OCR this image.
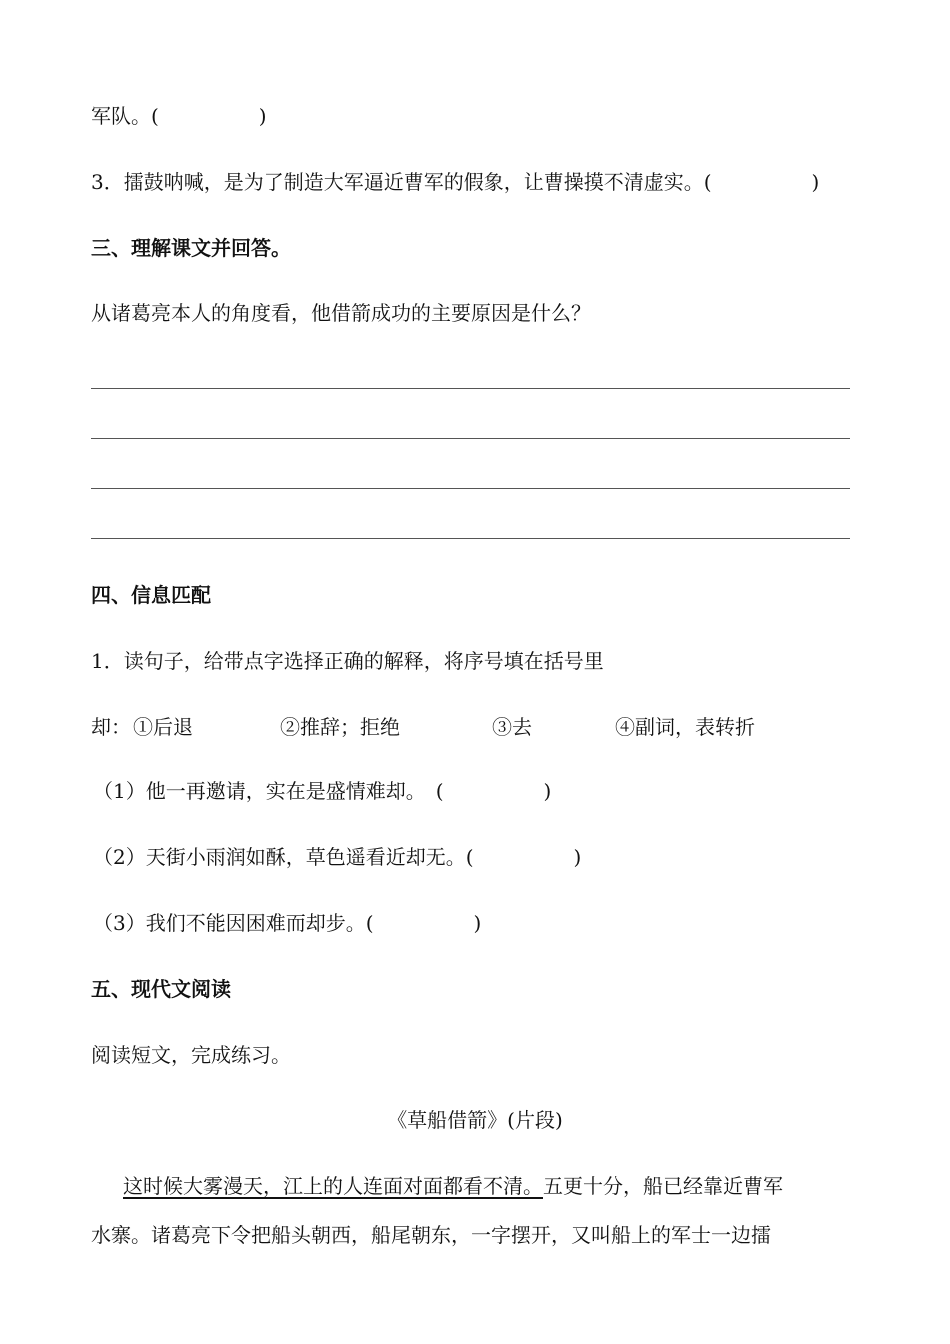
军队。(　　　　　)
3．擂鼓呐喊，是为了制造大军逼近曹军的假象，让曹操摸不清虚实。(　　　　　)
三、理解课文并回答。
从诸葛亮本人的角度看，他借箭成功的主要原因是什么？
四、信息匹配
1．读句子，给带点字选择正确的解释，将序号填在括号里
却： ①后退	②推辞；拒绝	③去	④副词，表转折
（1）他一再邀请，实在是盛情难却。　(　　　　　)
（2）天街小雨润如酥，草色遥看近却无。(　　　　　)
（3）我们不能因困难而却步。(　　　　　)
五、现代文阅读
阅读短文，完成练习。
《草船借箭》(片段)
这时候大雾漫天，江上的人连面对面都看不清。五更十分，船已经靠近曹军
水寨。诸葛亮下令把船头朝西，船尾朝东，一字摆开，又叫船上的军士一边擂
